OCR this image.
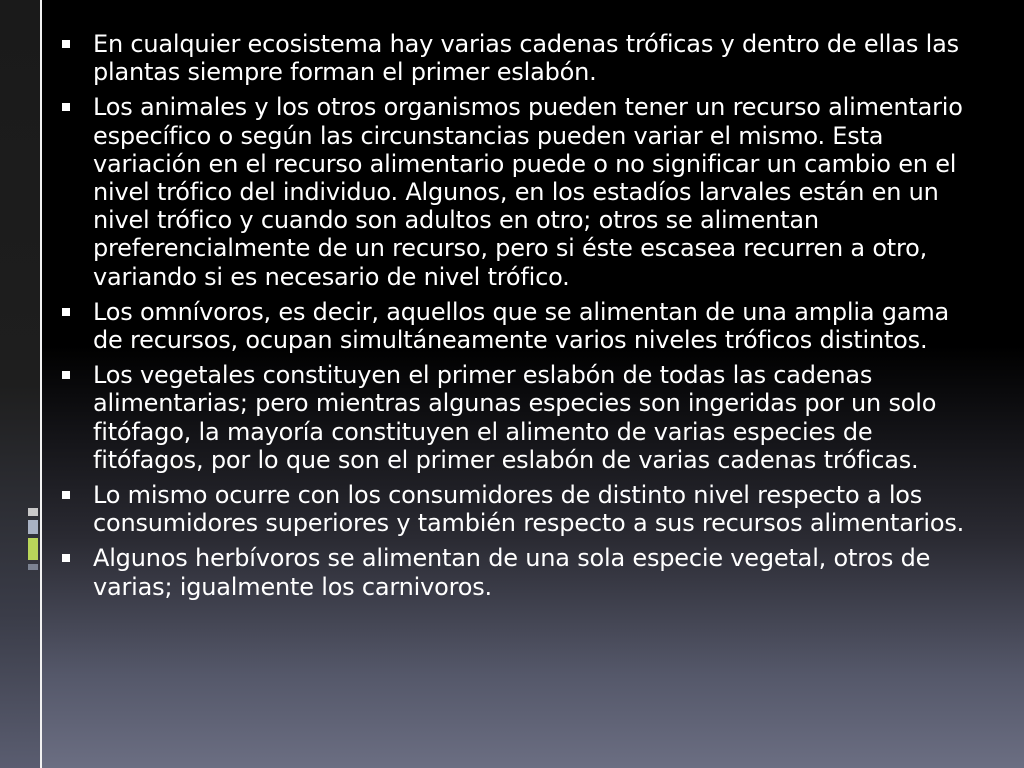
En cualquier ecosistema hay varias cadenas tróficas y dentro de ellas las plantas siempre forman el primer eslabón.
Los animales y los otros organismos pueden tener un recurso alimentario específico o según las circunstancias pueden variar el mismo. Esta variación en el recurso alimentario puede o no significar un cambio en el nivel trófico del individuo. Algunos, en los estadíos larvales están en un nivel trófico y cuando son adultos en otro; otros se alimentan preferencialmente de un recurso, pero si éste escasea recurren a otro, variando si es necesario de nivel trófico.
Los omnívoros, es decir, aquellos que se alimentan de una amplia gama de recursos, ocupan simultáneamente varios niveles tróficos distintos.
Los vegetales constituyen el primer eslabón de todas las cadenas alimentarias; pero mientras algunas especies son ingeridas por un solo fitófago, la mayoría constituyen el alimento de varias especies de fitófagos, por lo que son el primer eslabón de varias cadenas tróficas.
Lo mismo ocurre con los consumidores de distinto nivel respecto a los consumidores superiores y también respecto a sus recursos alimentarios.
Algunos herbívoros se alimentan de una sola especie vegetal, otros de varias; igualmente los carnivoros.
